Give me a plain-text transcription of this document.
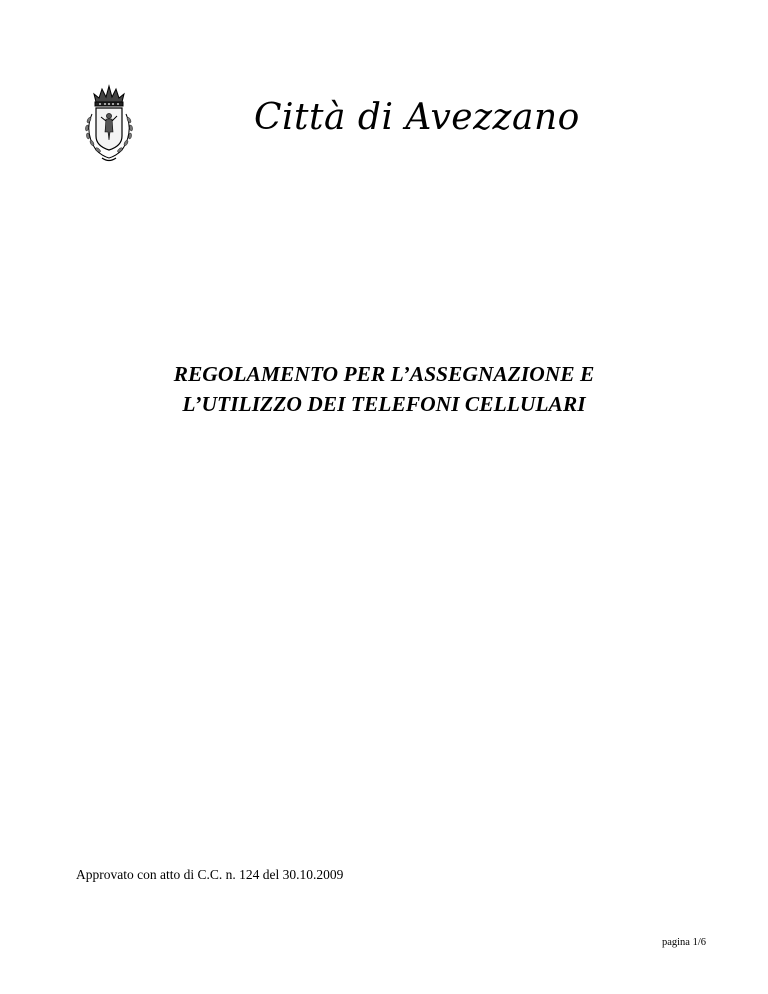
Città di Avezzano
REGOLAMENTO PER L’ASSEGNAZIONE E
L’UTILIZZO DEI TELEFONI CELLULARI
Approvato con atto di C.C. n. 124 del 30.10.2009
pagina 1/6
